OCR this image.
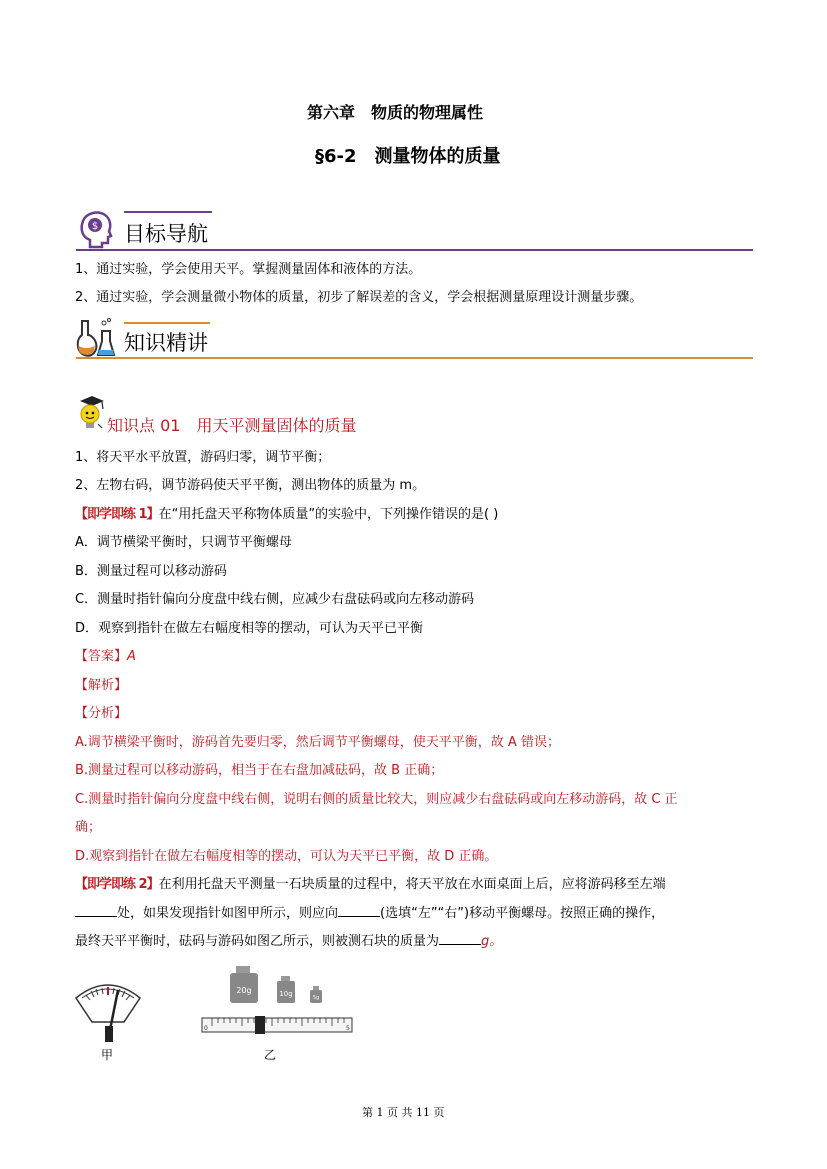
第六章　物质的物理属性
§6-2　测量物体的质量
$ 目标导航
1、通过实验，学会使用天平。掌握测量固体和液体的方法。
2、通过实验，学会测量微小物体的质量，初步了解误差的含义，学会根据测量原理设计测量步骤。
知识精讲
知识点 01　用天平测量固体的质量
1、将天平水平放置，游码归零，调节平衡；
2、左物右码，调节游码使天平平衡，测出物体的质量为 m。
【即学即练 1】在“用托盘天平称物体质量”的实验中，下列操作错误的是( )
A．调节横梁平衡时，只调节平衡螺母
B．测量过程可以移动游码
C．测量时指针偏向分度盘中线右侧，应减少右盘砝码或向左移动游码
D．观察到指针在做左右幅度相等的摆动，可认为天平已平衡
【答案】A
【解析】
【分析】
A.调节横梁平衡时，游码首先要归零，然后调节平衡螺母，使天平平衡，故 A 错误；
B.测量过程可以移动游码，相当于在右盘加减砝码，故 B 正确；
C.测量时指针偏向分度盘中线右侧，说明右侧的质量比较大，则应减少右盘砝码或向左移动游码，故 C 正
确；
D.观察到指针在做左右幅度相等的摆动，可认为天平已平衡，故 D 正确。
【即学即练 2】在利用托盘天平测量一石块质量的过程中，将天平放在水面桌面上后，应将游码移至左端
处，如果发现指针如图甲所示，则应向	(选填“左”“右”)移动平衡螺母。按照正确的操作，
最终天平平衡时，砝码与游码如图乙所示，则被测石块的质量为	g。
甲
20g	10g	5g
0	5
乙
第 1 页 共 11 页
